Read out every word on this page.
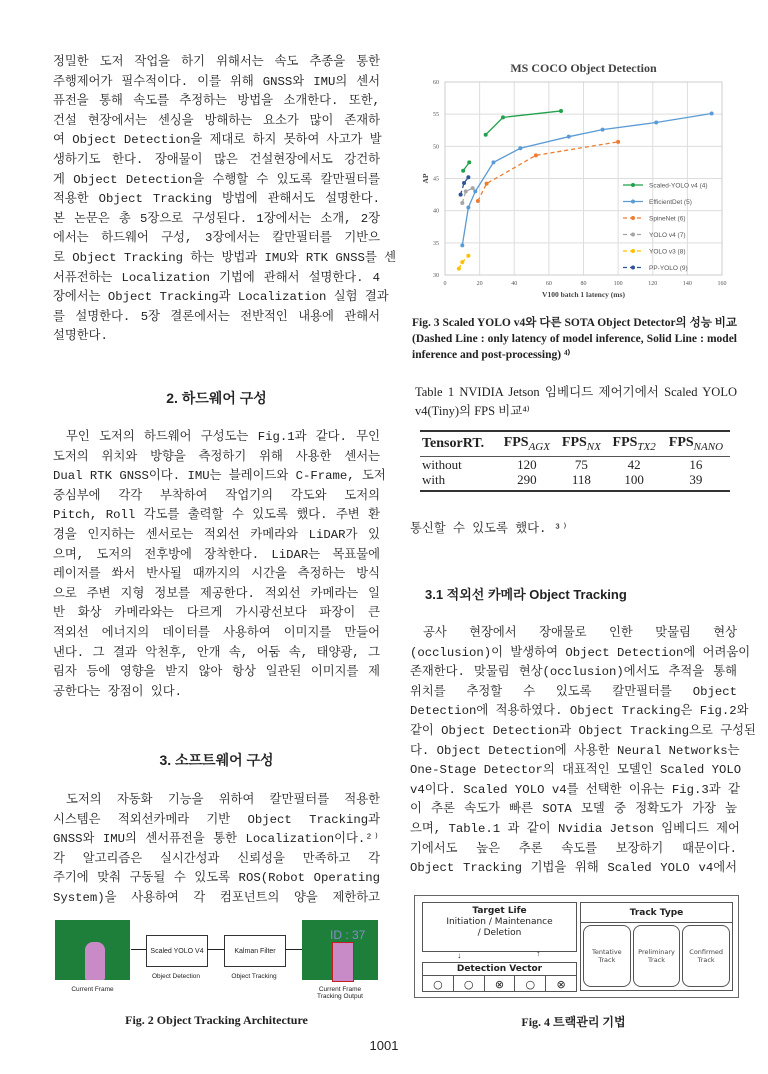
정밀한 도저 작업을 하기 위해서는 속도 추종을 통한
주행제어가 필수적이다. 이를 위해 GNSS와 IMU의 센서
퓨전을 통해 속도를 추정하는 방법을 소개한다. 또한,
건설 현장에서는 센싱을 방해하는 요소가 많이 존재하
여 Object Detection을 제대로 하지 못하여 사고가 발
생하기도 한다. 장애물이 많은 건설현장에서도 강건하
게 Object Detection을 수행할 수 있도록 칼만필터를
적용한 Object Tracking 방법에 관해서도 설명한다.
본 논문은 총 5장으로 구성된다. 1장에서는 소개, 2장
에서는 하드웨어 구성, 3장에서는 칼만필터를 기반으
로 Object Tracking 하는 방법과 IMU와 RTK GNSS를 센
서퓨전하는 Localization 기법에 관해서 설명한다. 4
장에서는 Object Tracking과 Localization 실험 결과
를 설명한다. 5장 결론에서는 전반적인 내용에 관해서
설명한다.
2. 하드웨어 구성
무인 도저의 하드웨어 구성도는 Fig.1과 같다. 무인
도저의 위치와 방향을 측정하기 위해 사용한 센서는
Dual RTK GNSS이다. IMU는 블레이드와 C-Frame, 도저
중심부에 각각 부착하여 작업기의 각도와 도저의
Pitch, Roll 각도를 출력할 수 있도록 했다. 주변 환
경을 인지하는 센서로는 적외선 카메라와 LiDAR가 있
으며, 도저의 전후방에 장착한다. LiDAR는 목표물에
레이저를 쏴서 반사될 때까지의 시간을 측정하는 방식
으로 주변 지형 정보를 제공한다. 적외선 카메라는 일
반 화상 카메라와는 다르게 가시광선보다 파장이 큰
적외선 에너지의 데이터를 사용하여 이미지를 만들어
낸다. 그 결과 악천후, 안개 속, 어둠 속, 태양광, 그
림자 등에 영향을 받지 않아 항상 일관된 이미지를 제
공한다는 장점이 있다.
3. 소프트웨어 구성
도저의 자동화 기능을 위하여 칼만필터를 적용한
시스템은 적외선카메라 기반 Object Tracking과
GNSS와 IMU의 센서퓨전을 통한 Localization이다.²⁾
각 알고리즘은 실시간성과 신뢰성을 만족하고 각
주기에 맞춰 구동될 수 있도록 ROS(Robot Operating
System)을 사용하여 각 컴포넌트의 양을 제한하고
Current Frame
Scaled YOLO V4
Object Detection
Kalman Filter
Object Tracking
ID : 37
Current Frame
Tracking Output
Fig. 2 Object Tracking Architecture
MS COCO Object Detection
0	20	40	60	80	100	120	140	160
30
35
40
45
50
55
60
V100 batch 1 latency (ms)
AP
Scaled-YOLO v4 (4)
EfficientDet (5)
SpineNet (6)
YOLO v4 (7)
YOLO v3 (8)
PP-YOLO (9)
Fig. 3 Scaled YOLO v4와 다른 SOTA Object Detector의 성능 비교 (Dashed Line : only latency of model inference, Solid Line : model inference and post-processing) ⁴⁾
Table 1 NVIDIA Jetson 임베디드 제어기에서 Scaled YOLO v4(Tiny)의 FPS 비교⁴⁾
TensorRT.	$FPS_{AGX}$	$FPS_{NX}$	$FPS_{TX2}$	$FPS_{NANO}$
without	120	75	42	16
with	290	118	100	39
통신할 수 있도록 했다. ³⁾
3.1 적외선 카메라 Object Tracking
공사 현장에서 장애물로 인한 맞물림 현상
(occlusion)이 발생하여 Object Detection에 어려움이
존재한다. 맞물림 현상(occlusion)에서도 추적을 통해
위치를 추정할 수 있도록 칼만필터를 Object
Detection에 적용하였다. Object Tracking은 Fig.2와
같이 Object Detection과 Object Tracking으로 구성된
다. Object Detection에 사용한 Neural Networks는
One-Stage Detector의 대표적인 모델인 Scaled YOLO
v4이다. Scaled YOLO v4를 선택한 이유는 Fig.3과 같
이 추론 속도가 빠른 SOTA 모델 중 정확도가 가장 높
으며, Table.1 과 같이 Nvidia Jetson 임베디드 제어
기에서도 높은 추론 속도를 보장하기 때문이다.
Object Tracking 기법을 위해 Scaled YOLO v4에서
Target Life
Initiation / Maintenance
/ Deletion
↓	↑
Detection Vector
○	○	⊗	○	⊗
Track Type
Tentative
Track
Preliminary
Track
Confirmed
Track
Fig. 4 트랙관리 기법
1001
